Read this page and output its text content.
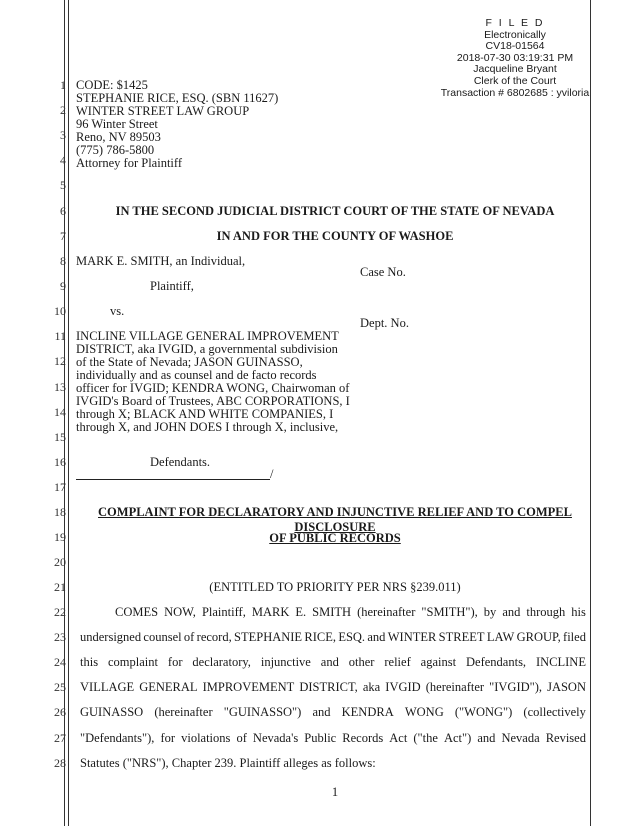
F I L E D
Electronically
CV18-01564
2018-07-30 03:19:31 PM
Jacqueline Bryant
Clerk of the Court
Transaction # 6802685 : yviloria
1
2
3
4
5
6
7
8
9
10
11
12
13
14
15
16
17
18
19
20
21
22
23
24
25
26
27
28
CODE: $1425
STEPHANIE RICE, ESQ. (SBN 11627)
WINTER STREET LAW GROUP
96 Winter Street
Reno, NV 89503
(775) 786-5800
Attorney for Plaintiff
IN THE SECOND JUDICIAL DISTRICT COURT OF THE STATE OF NEVADA
IN AND FOR THE COUNTY OF WASHOE
MARK E. SMITH, an Individual,
Case No.
Plaintiff,
vs.
Dept. No.
INCLINE VILLAGE GENERAL IMPROVEMENT
DISTRICT, aka IVGID, a governmental subdivision
of the State of Nevada; JASON GUINASSO,
individually and as counsel and de facto records
officer for IVGID; KENDRA WONG, Chairwoman of
IVGID's Board of Trustees, ABC CORPORATIONS, I
through X; BLACK AND WHITE COMPANIES, I
through X, and JOHN DOES I through X, inclusive,
Defendants.
/
COMPLAINT FOR DECLARATORY AND INJUNCTIVE RELIEF AND TO COMPEL DISCLOSURE
OF PUBLIC RECORDS
(ENTITLED TO PRIORITY PER NRS §239.011)
COMES NOW, Plaintiff, MARK E. SMITH (hereinafter "SMITH"), by and through his
undersigned counsel of record, STEPHANIE RICE, ESQ. and WINTER STREET LAW GROUP, filed
this complaint for declaratory, injunctive and other relief against Defendants, INCLINE
VILLAGE GENERAL IMPROVEMENT DISTRICT, aka IVGID (hereinafter "IVGID"), JASON
GUINASSO (hereinafter "GUINASSO") and KENDRA WONG ("WONG") (collectively
"Defendants"), for violations of Nevada's Public Records Act ("the Act") and Nevada Revised
Statutes ("NRS"), Chapter 239. Plaintiff alleges as follows:
1
